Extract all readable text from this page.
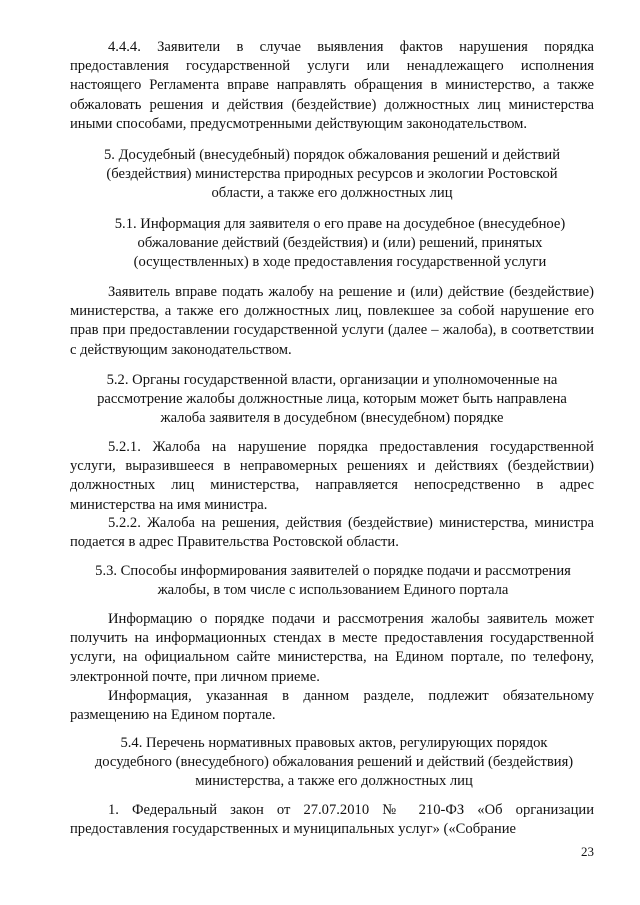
4.4.4. Заявители в случае выявления фактов нарушения порядка предоставления государственной услуги или ненадлежащего исполнения настоящего Регламента вправе направлять обращения в министерство, а также обжаловать решения и действия (бездействие) должностных лиц министерства иными способами, предусмотренными действующим законодательством.

5. Досудебный (внесудебный) порядок обжалования решений и действий (бездействия) министерства природных ресурсов и экологии Ростовской области, а также его должностных лиц

5.1. Информация для заявителя о его праве на досудебное (внесудебное) обжалование действий (бездействия) и (или) решений, принятых (осуществленных) в ходе предоставления государственной услуги

Заявитель вправе подать жалобу на решение и (или) действие (бездействие) министерства, а также его должностных лиц, повлекшее за собой нарушение его прав при предоставлении государственной услуги (далее – жалоба), в соответствии с действующим законодательством.

5.2. Органы государственной власти, организации и уполномоченные на рассмотрение жалобы должностные лица, которым может быть направлена жалоба заявителя в досудебном (внесудебном) порядке

5.2.1. Жалоба на нарушение порядка предоставления государственной услуги, выразившееся в неправомерных решениях и действиях (бездействии) должностных лиц министерства, направляется непосредственно в адрес министерства на имя министра.

5.2.2. Жалоба на решения, действия (бездействие) министерства, министра подается в адрес Правительства Ростовской области.

5.3. Способы информирования заявителей о порядке подачи и рассмотрения жалобы, в том числе с использованием Единого портала

Информацию о порядке подачи и рассмотрения жалобы заявитель может получить на информационных стендах в месте предоставления государственной услуги, на официальном сайте министерства, на Едином портале, по телефону, электронной почте, при личном приеме.

Информация, указанная в данном разделе, подлежит обязательному размещению на Едином портале.

5.4. Перечень нормативных правовых актов, регулирующих порядок досудебного (внесудебного) обжалования решений и действий (бездействия) министерства, а также его должностных лиц

1. Федеральный закон от 27.07.2010 № 210-ФЗ «Об организации предоставления государственных и муниципальных услуг» («Собрание

23
